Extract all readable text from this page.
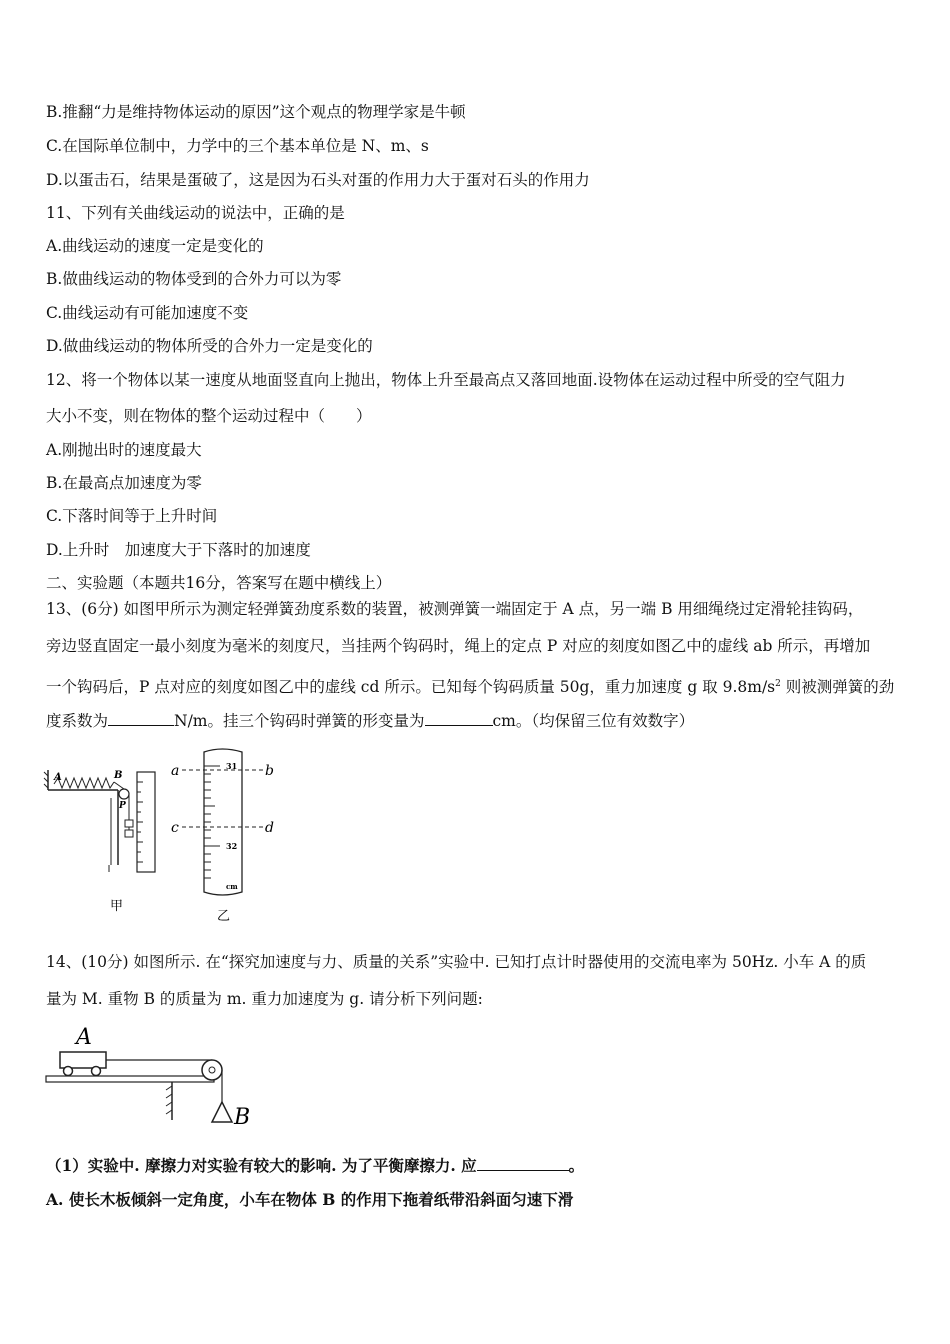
B.推翻“力是维持物体运动的原因”这个观点的物理学家是牛顿
C.在国际单位制中，力学中的三个基本单位是 N、m、s
D.以蛋击石，结果是蛋破了，这是因为石头对蛋的作用力大于蛋对石头的作用力
11、下列有关曲线运动的说法中，正确的是
A.曲线运动的速度一定是变化的
B.做曲线运动的物体受到的合外力可以为零
C.曲线运动有可能加速度不变
D.做曲线运动的物体所受的合外力一定是变化的
12、将一个物体以某一速度从地面竖直向上抛出，物体上升至最高点又落回地面.设物体在运动过程中所受的空气阻力
大小不变，则在物体的整个运动过程中（　　）
A.刚抛出时的速度最大
B.在最高点加速度为零
C.下落时间等于上升时间
D.上升时　加速度大于下落时的加速度
二、实验题（本题共16分，答案写在题中横线上）
13、(6分) 如图甲所示为测定轻弹簧劲度系数的装置，被测弹簧一端固定于 A 点，另一端 B 用细绳绕过定滑轮挂钩码，
旁边竖直固定一最小刻度为毫米的刻度尺，当挂两个钩码时，绳上的定点 P 对应的刻度如图乙中的虚线 ab 所示，再增加
一个钩码后，P 点对应的刻度如图乙中的虚线 cd 所示。已知每个钩码质量 50g，重力加速度 g 取 $9.8m/s^2$ 则被测弹簧的劲
度系数为	N/m。挂三个钩码时弹簧的形变量为	cm。（均保留三位有效数字）
A	B
P
甲
a	b
c	d
31
32
cm
乙
14、(10分) 如图所示. 在“探究加速度与力、质量的关系”实验中. 已知打点计时器使用的交流电率为 50Hz. 小车 A 的质
量为 M. 重物 B 的质量为 m. 重力加速度为 g. 请分析下列问题:
A
B
（1）实验中. 摩擦力对实验有较大的影响. 为了平衡摩擦力. 应	。
A. 使长木板倾斜一定角度，小车在物体 B 的作用下拖着纸带沿斜面匀速下滑
